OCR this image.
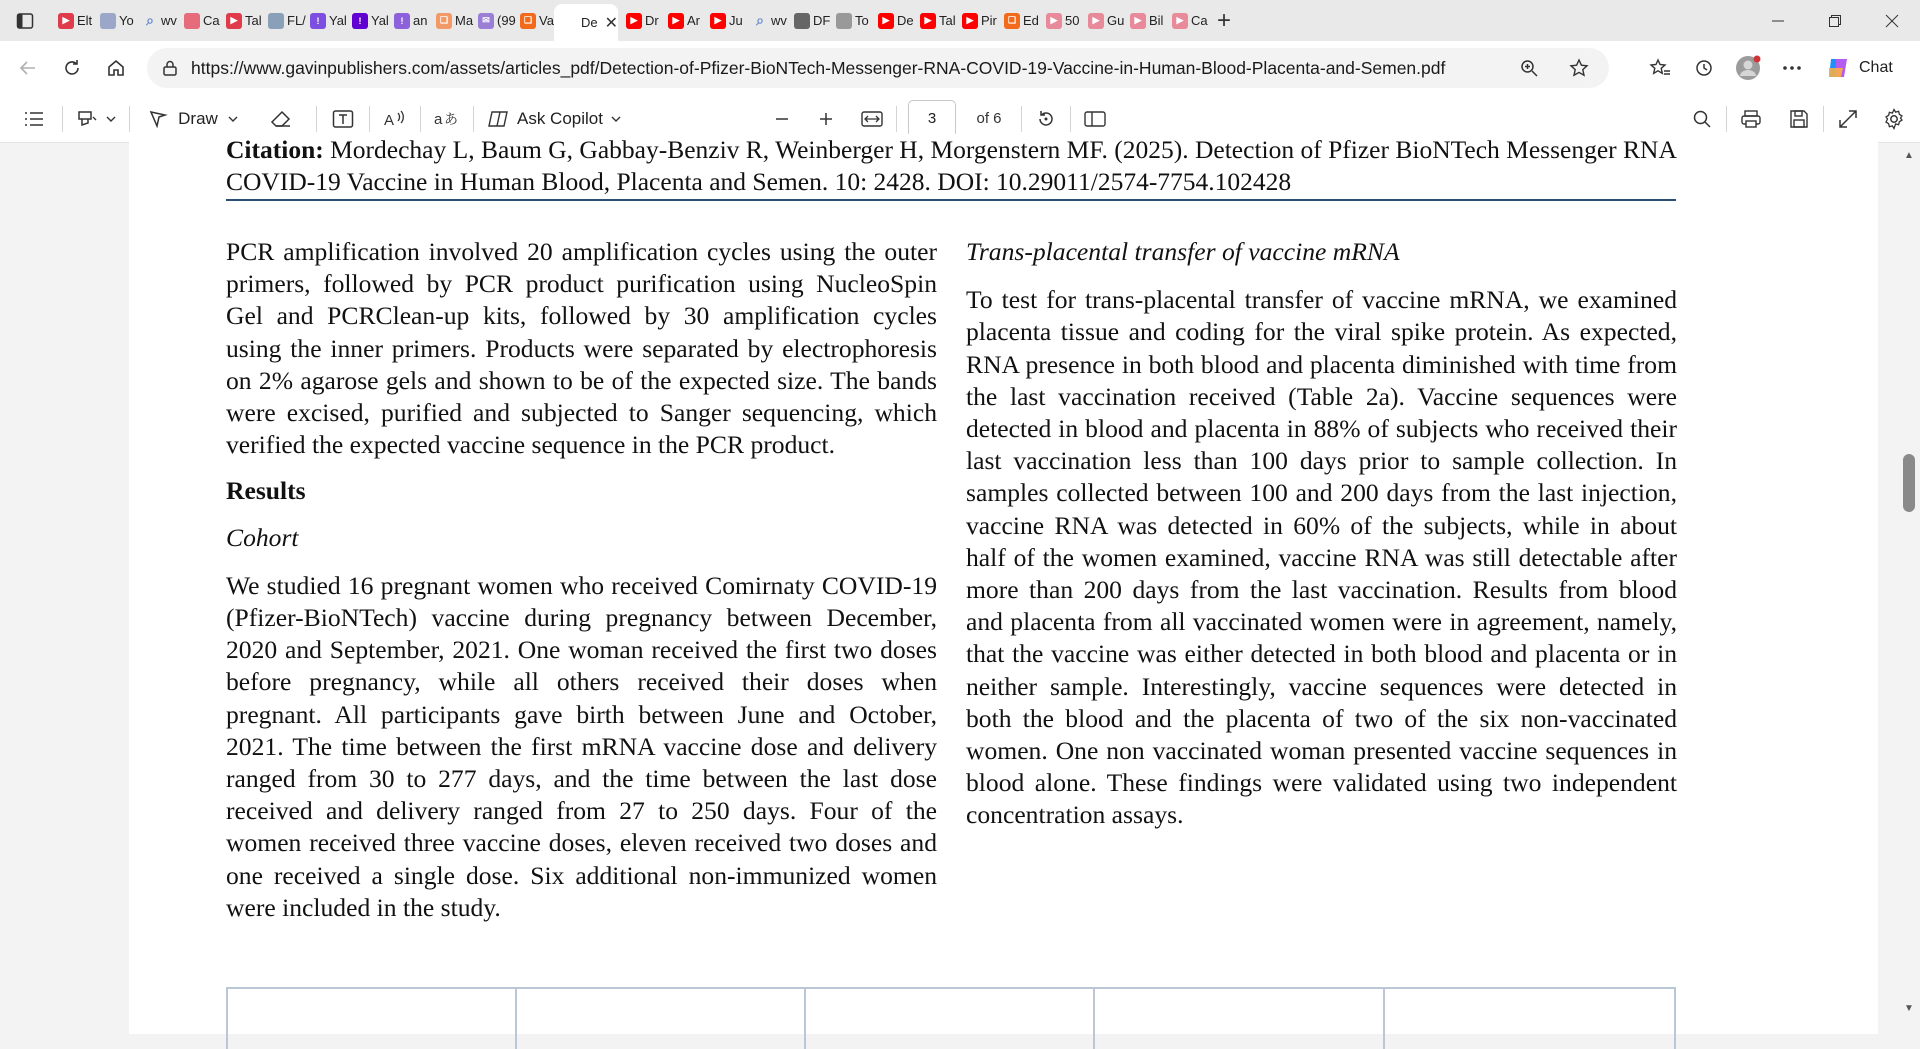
▶ Elt Yo ⌕ wv Ca	▶ Tal FL/	! Yal	! Yal	! an	❑ Ma	✉ (99 ❑ Va De ✕	▶ Dr	▶ Ar	▶ Ju ⌕ wv DF To	▶ De	▶ Tal	▶ Pir	❑ Ed	▶ 50	▶ Gu	▶ Bil	▶ Ca +
https://www.gavinpublishers.com/assets/articles_pdf/Detection-of-Pfizer-BioNTech-Messenger-RNA-COVID-19-Vaccine-in-Human-Blood-Placenta-and-Semen.pdf	Chat
Draw	A	a あ	Ask Copilot	3	of 6
Citation: Mordechay L, Baum G, Gabbay-Benziv R, Weinberger H, Morgenstern MF. (2025). Detection of Pfizer BioNTech Messenger RNA COVID-19 Vaccine in Human Blood, Placenta and Semen. 10: 2428. DOI: 10.29011/2574-7754.102428

PCR amplification involved 20 amplification cycles using the outer primers, followed by PCR product purification using NucleoSpin Gel and PCRClean-up kits, followed by 30 amplification cycles using the inner primers. Products were separated by electrophoresis on 2% agarose gels and shown to be of the expected size. The bands were excised, purified and subjected to Sanger sequencing, which verified the expected vaccine sequence in the PCR product.

Results

Cohort

We studied 16 pregnant women who received Comirnaty COVID-19 (Pfizer-BioNTech) vaccine during pregnancy between December, 2020 and September, 2021. One woman received the first two doses before pregnancy, while all others received their doses when pregnant. All participants gave birth between June and October, 2021. The time between the first mRNA vaccine dose and delivery ranged from 30 to 277 days, and the time between the last dose received and delivery ranged from 27 to 250 days. Four of the women received three vaccine doses, eleven received two doses and one received a single dose. Six additional non-immunized women were included in the study.

Trans-placental transfer of vaccine mRNA

To test for trans-placental transfer of vaccine mRNA, we examined placenta tissue and coding for the viral spike protein. As expected, RNA presence in both blood and placenta diminished with time from the last vaccination received (Table 2a). Vaccine sequences were detected in blood and placenta in 88% of subjects who received their last vaccination less than 100 days prior to sample collection. In samples collected between 100 and 200 days from the last injection, vaccine RNA was detected in 60% of the subjects, while in about half of the women examined, vaccine RNA was still detectable after more than 200 days from the last vaccination. Results from blood and placenta from all vaccinated women were in agreement, namely, that the vaccine was either detected in both blood and placenta or in neither sample. Interestingly, vaccine sequences were detected in both the blood and the placenta of two of the six non-vaccinated women. One non vaccinated woman presented vaccine sequences in blood alone. These findings were validated using two independent concentration assays.

▲
▼
